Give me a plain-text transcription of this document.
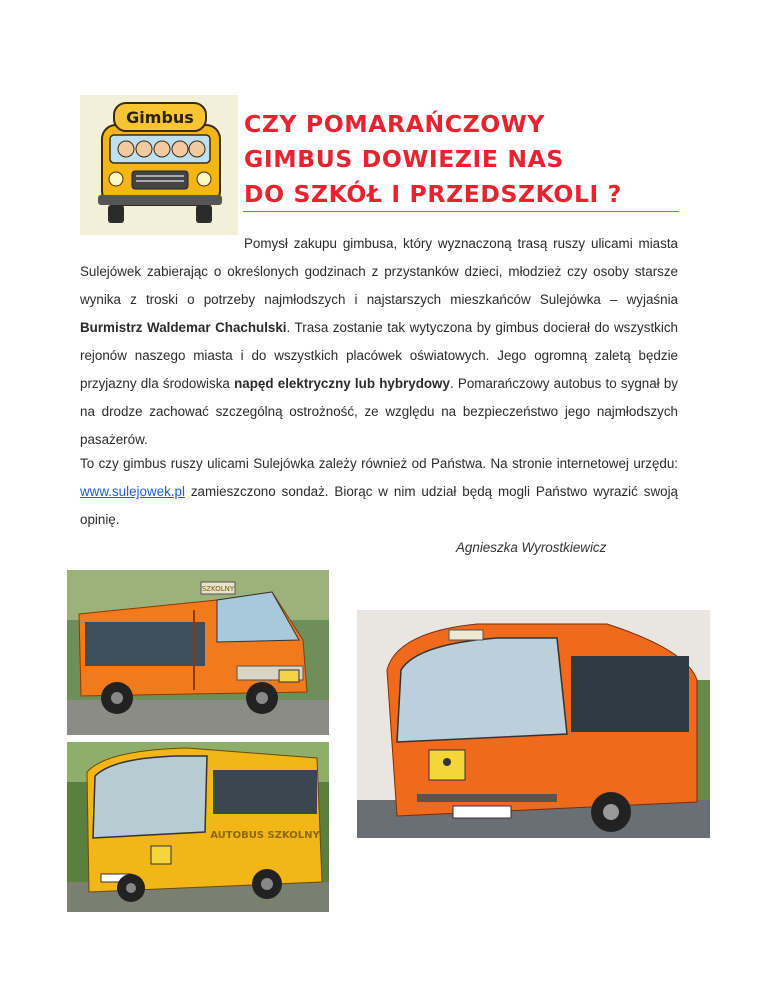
Gimbus CZY POMARAŃCZOWY
GIMBUS DOWIEZIE NAS
DO SZKÓŁ I PRZEDSZKOLI ?
Pomysł zakupu gimbusa, który wyznaczoną trasą ruszy ulicami miasta Sulejówek zabierając o określonych godzinach z przystanków dzieci, młodzież czy osoby starsze wynika z troski o potrzeby najmłodszych i najstarszych mieszkańców Sulejówka – wyjaśnia Burmistrz Waldemar Chachulski. Trasa zostanie tak wytyczona by gimbus docierał do wszystkich rejonów naszego miasta i do wszystkich placówek oświatowych. Jego ogromną zaletą będzie przyjazny dla środowiska napęd elektryczny lub hybrydowy. Pomarańczowy autobus to sygnał by na drodze zachować szczególną ostrożność, ze względu na bezpieczeństwo jego najmłodszych pasażerów.
To czy gimbus ruszy ulicami Sulejówka zależy również od Państwa. Na stronie internetowej urzędu: www.sulejowek.pl zamieszczono sondaż. Biorąc w nim udział będą mogli Państwo wyrazić swoją opinię.
Agnieszka Wyrostkiewicz
SZKOLNY
AUTOBUS SZKOLNY
